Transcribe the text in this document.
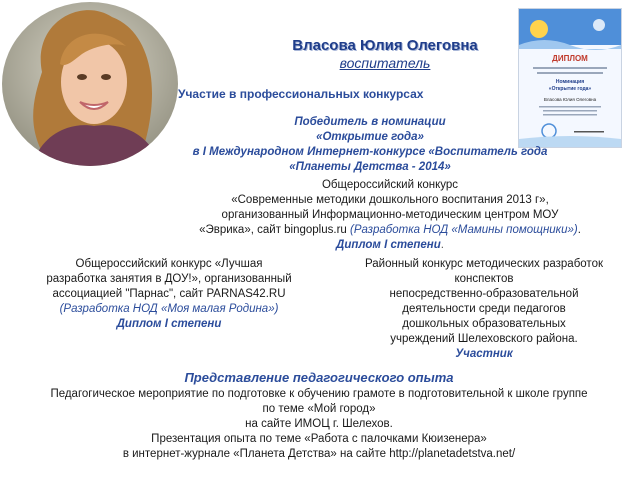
ДИПЛОМ
Номинация
«Открытие года»
Власова Юлия Олеговна
Власова Юлия Олеговна
воспитатель
Участие в профессиональных конкурсах
Победитель в номинации
«Открытие года»
в I Международном Интернет-конкурсе «Воспитатель года
«Планеты Детства - 2014»
Общероссийский конкурс
«Современные методики дошкольного воспитания 2013 г»,
организованный Информационно-методическим центром МОУ
«Эврика», сайт bingoplus.ru (Разработка НОД «Мамины помощники»).
Диплом I степени.
Общероссийский конкурс «Лучшая
разработка занятия в ДОУ!», организованный
ассоциацией "Парнас", сайт PARNAS42.RU
(Разработка НОД «Моя малая Родина»)
Диплом I степени
Районный конкурс методических разработок
конспектов
непосредственно-образовательной
деятельности среди педагогов
дошкольных образовательных
учреждений Шелеховского района.
Участник
Представление педагогического опыта
Педагогическое мероприятие по подготовке к обучению грамоте в подготовительной к школе группе
по теме «Мой город»
на сайте ИМОЦ г. Шелехов.
Презентация опыта по теме «Работа с палочками Кюизенера»
в интернет-журнале «Планета Детства» на сайте http://planetadetstva.net/
